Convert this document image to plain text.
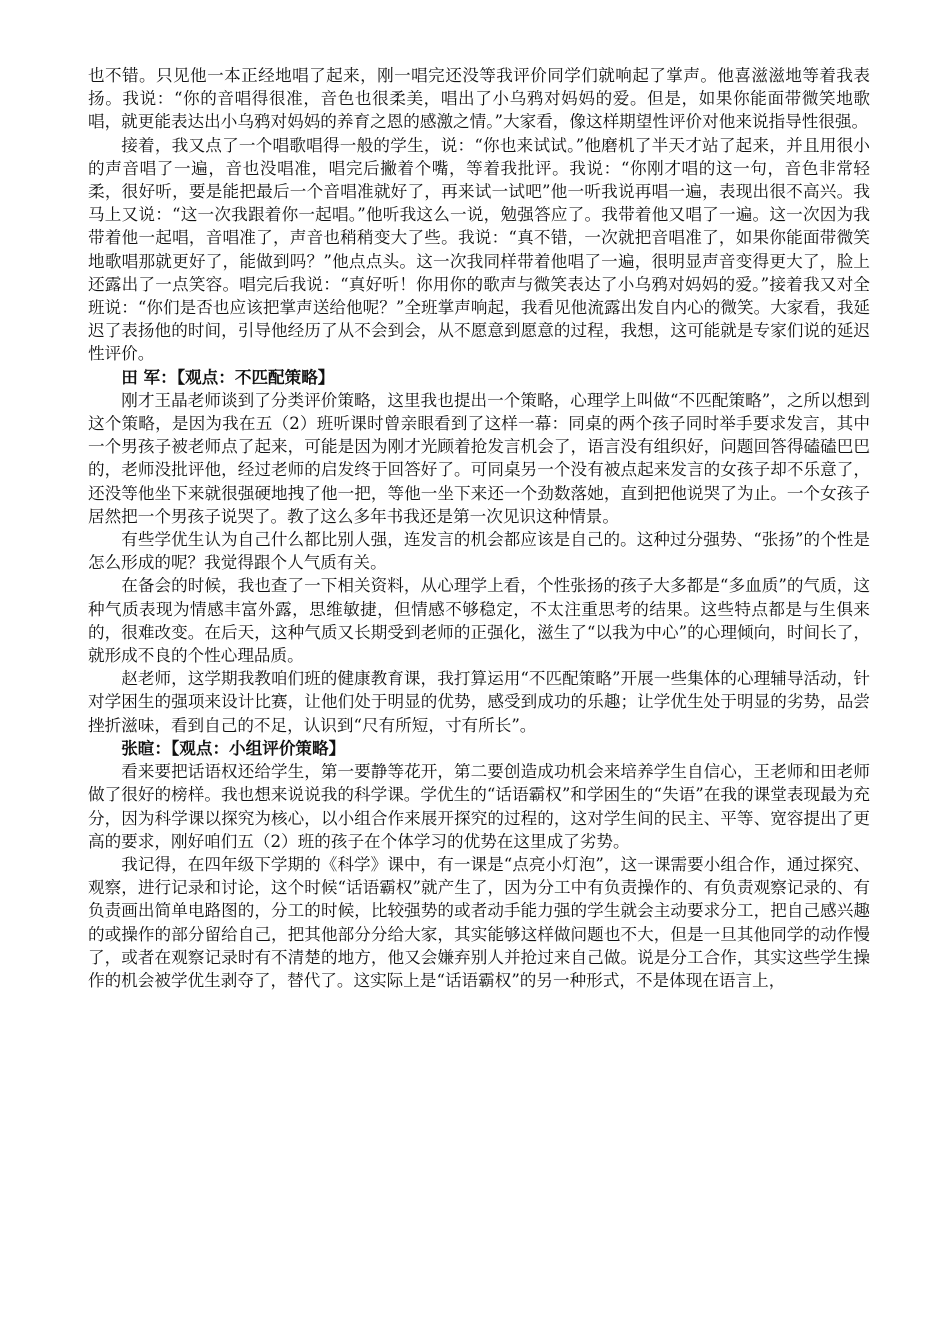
也不错。只见他一本正经地唱了起来，刚一唱完还没等我评价同学们就响起了掌声。他喜滋滋地等着我表扬。我说：“你的音唱得很准，音色也很柔美，唱出了小乌鸦对妈妈的爱。但是，如果你能面带微笑地歌唱，就更能表达出小乌鸦对妈妈的养育之恩的感激之情。”大家看，像这样期望性评价对他来说指导性很强。

接着，我又点了一个唱歌唱得一般的学生，说：“你也来试试。”他磨机了半天才站了起来，并且用很小的声音唱了一遍，音也没唱准，唱完后撇着个嘴，等着我批评。我说：“你刚才唱的这一句，音色非常轻柔，很好听，要是能把最后一个音唱准就好了，再来试一试吧”他一听我说再唱一遍，表现出很不高兴。我马上又说：“这一次我跟着你一起唱。”他听我这么一说，勉强答应了。我带着他又唱了一遍。这一次因为我带着他一起唱，音唱准了，声音也稍稍变大了些。我说：“真不错，一次就把音唱准了，如果你能面带微笑地歌唱那就更好了，能做到吗？”他点点头。这一次我同样带着他唱了一遍，很明显声音变得更大了，脸上还露出了一点笑容。唱完后我说：“真好听！你用你的歌声与微笑表达了小乌鸦对妈妈的爱。”接着我又对全班说：“你们是否也应该把掌声送给他呢？”全班掌声响起，我看见他流露出发自内心的微笑。大家看，我延迟了表扬他的时间，引导他经历了从不会到会，从不愿意到愿意的过程，我想，这可能就是专家们说的延迟性评价。

田 军：【观点：不匹配策略】

刚才王晶老师谈到了分类评价策略，这里我也提出一个策略，心理学上叫做“不匹配策略”，之所以想到这个策略，是因为我在五（2）班听课时曾亲眼看到了这样一幕：同桌的两个孩子同时举手要求发言，其中一个男孩子被老师点了起来，可能是因为刚才光顾着抢发言机会了，语言没有组织好，问题回答得磕磕巴巴的，老师没批评他，经过老师的启发终于回答好了。可同桌另一个没有被点起来发言的女孩子却不乐意了，还没等他坐下来就很强硬地拽了他一把，等他一坐下来还一个劲数落她，直到把他说哭了为止。一个女孩子居然把一个男孩子说哭了。教了这么多年书我还是第一次见识这种情景。

有些学优生认为自己什么都比别人强，连发言的机会都应该是自己的。这种过分强势、“张扬”的个性是怎么形成的呢？我觉得跟个人气质有关。

在备会的时候，我也查了一下相关资料，从心理学上看，个性张扬的孩子大多都是“多血质”的气质，这种气质表现为情感丰富外露，思维敏捷，但情感不够稳定，不太注重思考的结果。这些特点都是与生俱来的，很难改变。在后天，这种气质又长期受到老师的正强化，滋生了“以我为中心”的心理倾向，时间长了，就形成不良的个性心理品质。

赵老师，这学期我教咱们班的健康教育课，我打算运用“不匹配策略”开展一些集体的心理辅导活动，针对学困生的强项来设计比赛，让他们处于明显的优势，感受到成功的乐趣；让学优生处于明显的劣势，品尝挫折滋味，看到自己的不足，认识到“尺有所短，寸有所长”。

张暄：【观点：小组评价策略】

看来要把话语权还给学生，第一要静等花开，第二要创造成功机会来培养学生自信心，王老师和田老师做了很好的榜样。我也想来说说我的科学课。学优生的“话语霸权”和学困生的“失语”在我的课堂表现最为充分，因为科学课以探究为核心，以小组合作来展开探究的过程的，这对学生间的民主、平等、宽容提出了更高的要求，刚好咱们五（2）班的孩子在个体学习的优势在这里成了劣势。

我记得，在四年级下学期的《科学》课中，有一课是“点亮小灯泡”，这一课需要小组合作，通过探究、观察，进行记录和讨论，这个时候“话语霸权”就产生了，因为分工中有负责操作的、有负责观察记录的、有负责画出简单电路图的，分工的时候，比较强势的或者动手能力强的学生就会主动要求分工，把自己感兴趣的或操作的部分留给自己，把其他部分分给大家，其实能够这样做问题也不大，但是一旦其他同学的动作慢了，或者在观察记录时有不清楚的地方，他又会嫌弃别人并抢过来自己做。说是分工合作，其实这些学生操作的机会被学优生剥夺了，替代了。这实际上是“话语霸权”的另一种形式，不是体现在语言上，
